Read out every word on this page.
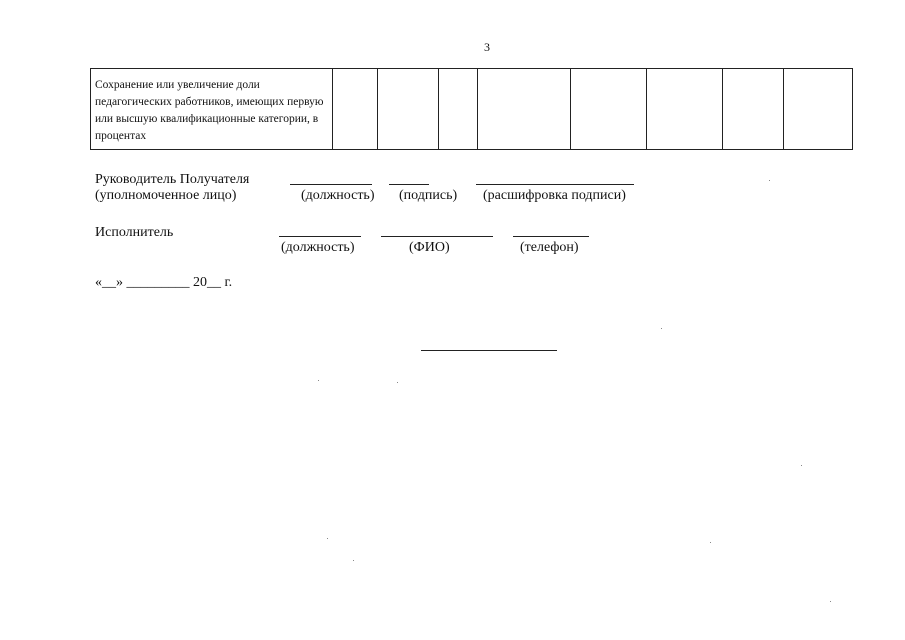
3
Сохранение или увеличение доли педагогических работников, имеющих первую или высшую квалификационные категории, в процентах
Руководитель Получателя
(уполномоченное лицо)	(должность) (подпись) (расшифровка подписи)
Исполнитель
(должность)	(ФИО)	(телефон)
«__» _________ 20__ г.
